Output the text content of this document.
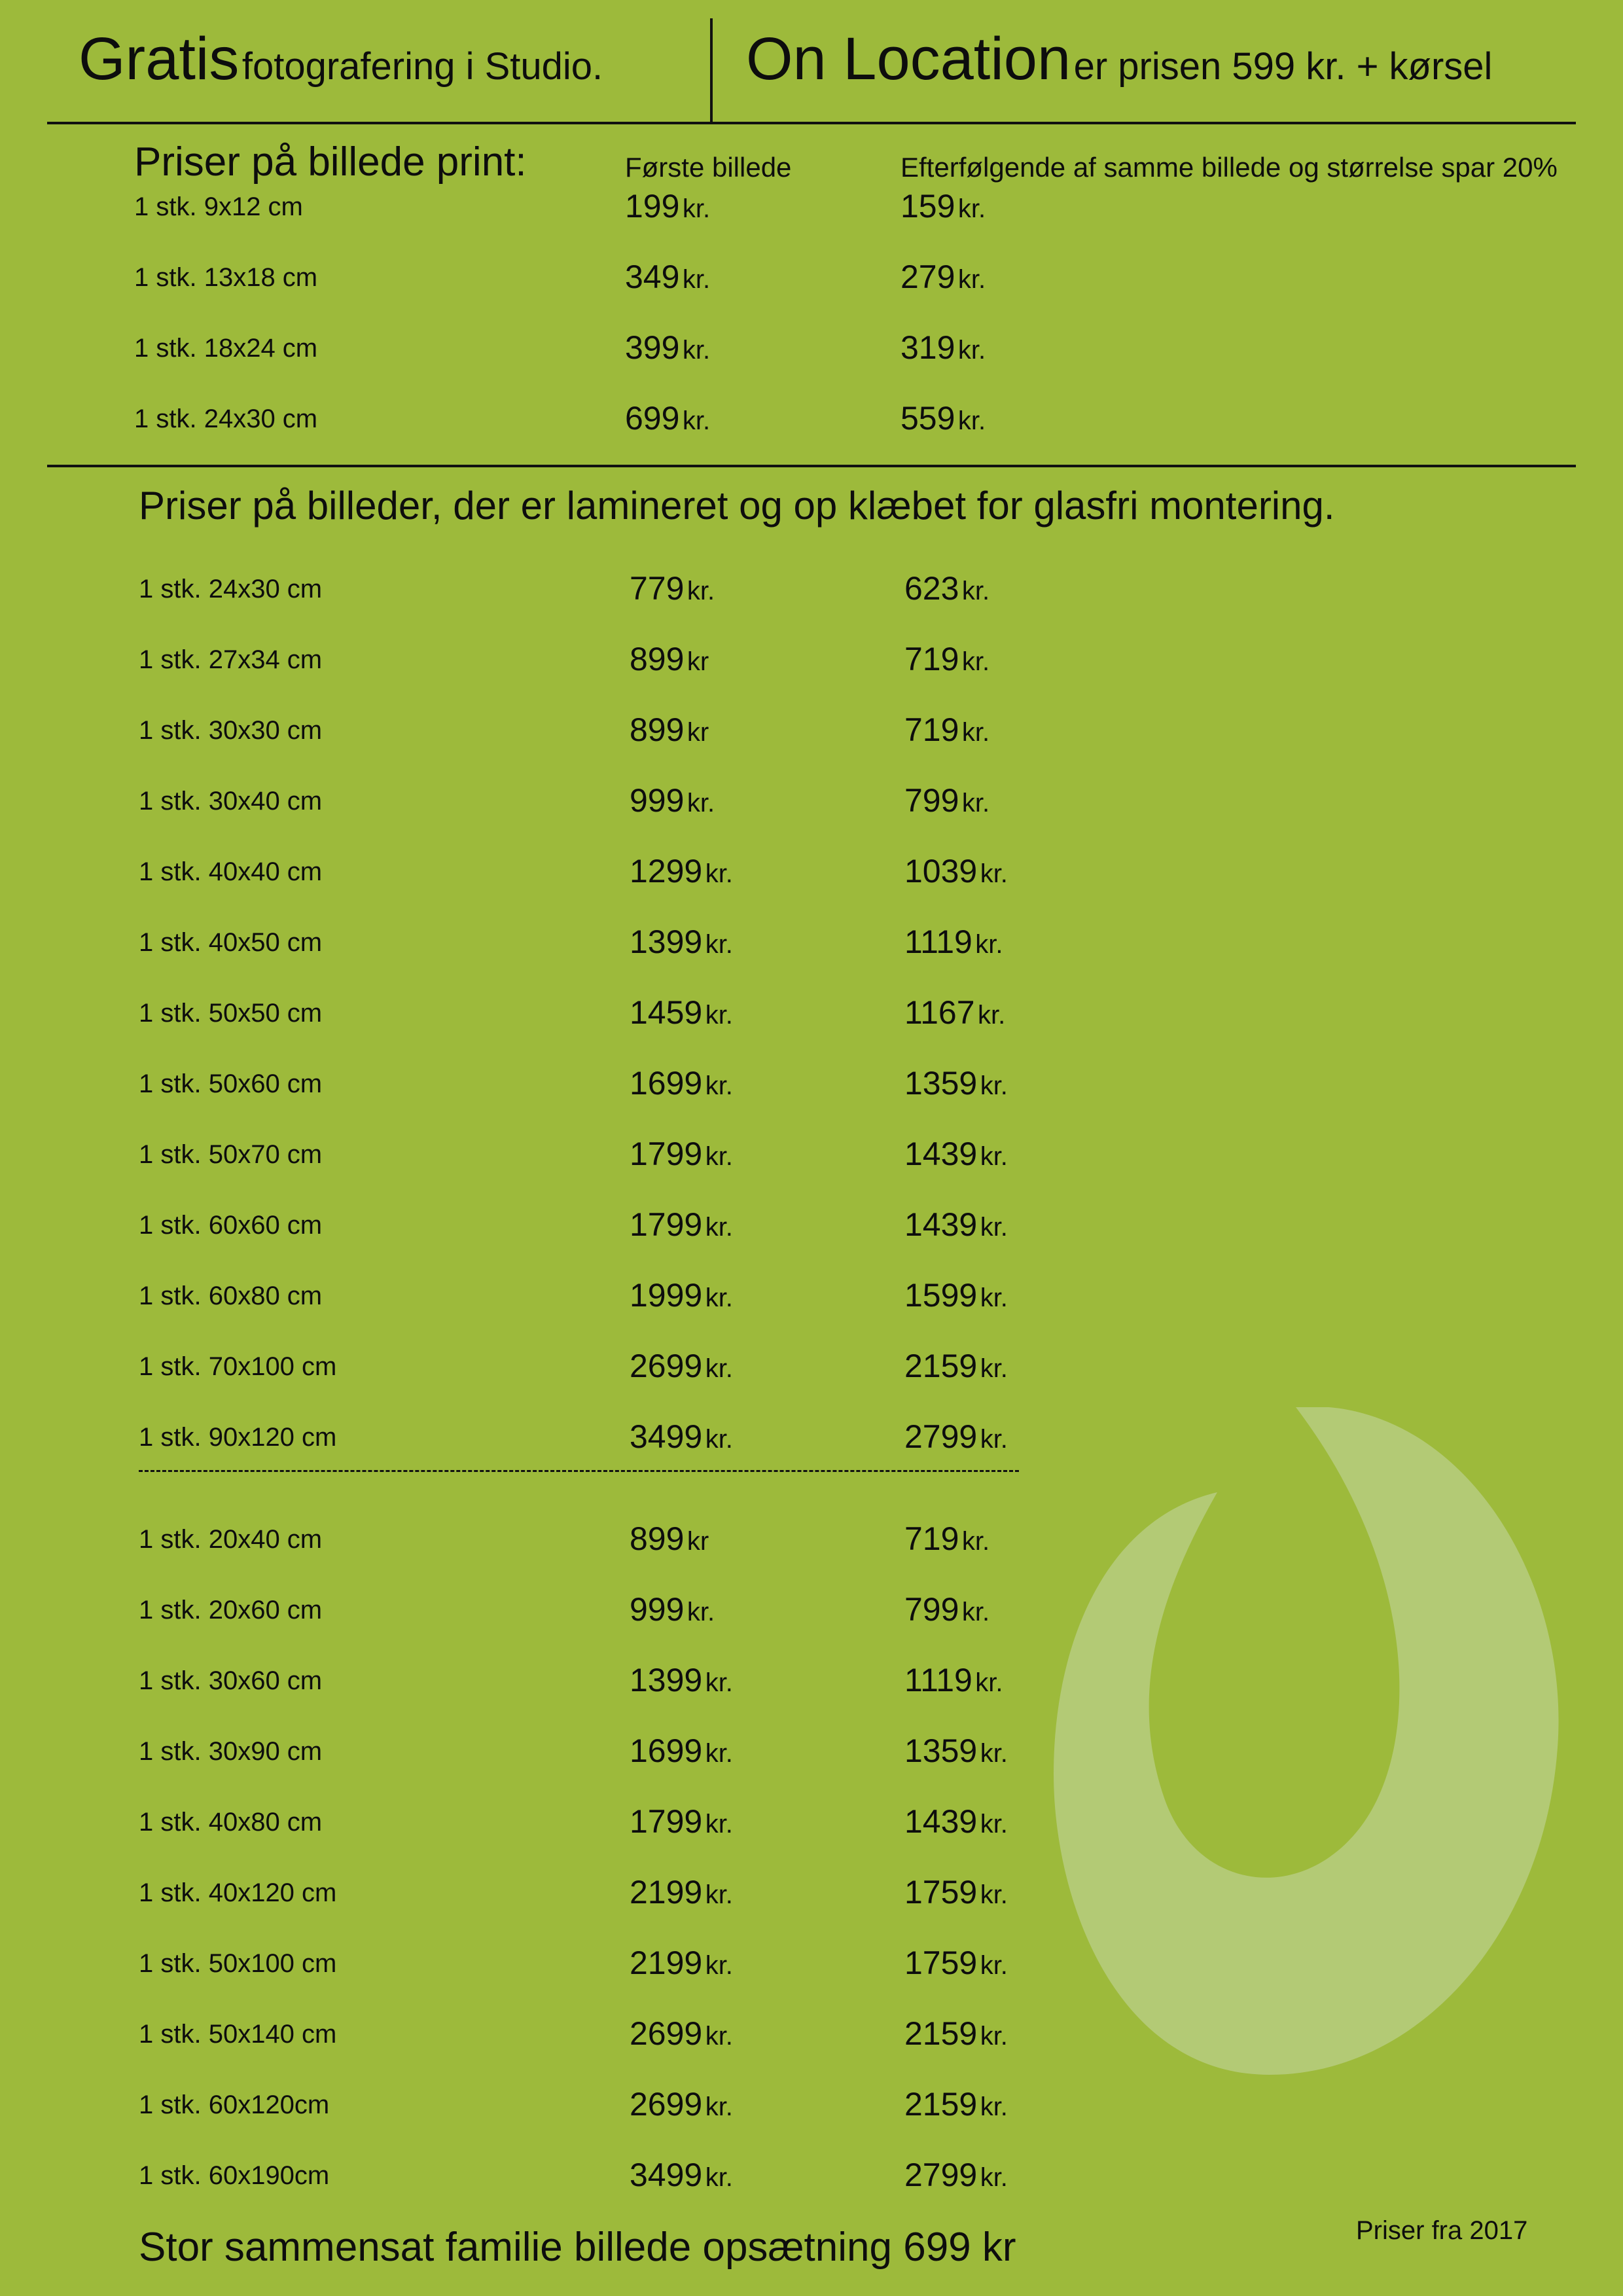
Gratis fotografering i Studio. On Location er prisen 599 kr. + kørsel
Priser på billede print:	Første billede	Efterfølgende af samme billede og størrelse spar 20%
1 stk. 9x12 cm	199 kr.	159 kr.
1 stk. 13x18 cm	349 kr.	279 kr.
1 stk. 18x24 cm	399 kr.	319 kr.
1 stk. 24x30 cm	699 kr.	559 kr.
Priser på billeder, der er lamineret og op klæbet for glasfri montering.
1 stk. 24x30 cm	779 kr.	623 kr.
1 stk. 27x34 cm	899 kr	719 kr.
1 stk. 30x30 cm	899 kr	719 kr.
1 stk. 30x40 cm	999 kr.	799 kr.
1 stk. 40x40 cm	1299 kr.	1039 kr.
1 stk. 40x50 cm	1399 kr.	1119 kr.
1 stk. 50x50 cm	1459 kr.	1167 kr.
1 stk. 50x60 cm	1699 kr.	1359 kr.
1 stk. 50x70 cm	1799 kr.	1439 kr.
1 stk. 60x60 cm	1799 kr.	1439 kr.
1 stk. 60x80 cm	1999 kr.	1599 kr.
1 stk. 70x100 cm	2699 kr.	2159 kr.
1 stk. 90x120 cm	3499 kr.	2799 kr.
1 stk. 20x40 cm	899 kr	719 kr.
1 stk. 20x60 cm	999 kr.	799 kr.
1 stk. 30x60 cm	1399 kr.	1119 kr.
1 stk. 30x90 cm	1699 kr.	1359 kr.
1 stk. 40x80 cm	1799 kr.	1439 kr.
1 stk. 40x120 cm	2199 kr.	1759 kr.
1 stk. 50x100 cm	2199 kr.	1759 kr.
1 stk. 50x140 cm	2699 kr.	2159 kr.
1 stk. 60x120cm	2699 kr.	2159 kr.
1 stk. 60x190cm	3499 kr.	2799 kr.
Stor sammensat familie billede opsætning 699 kr	Priser fra 2017
